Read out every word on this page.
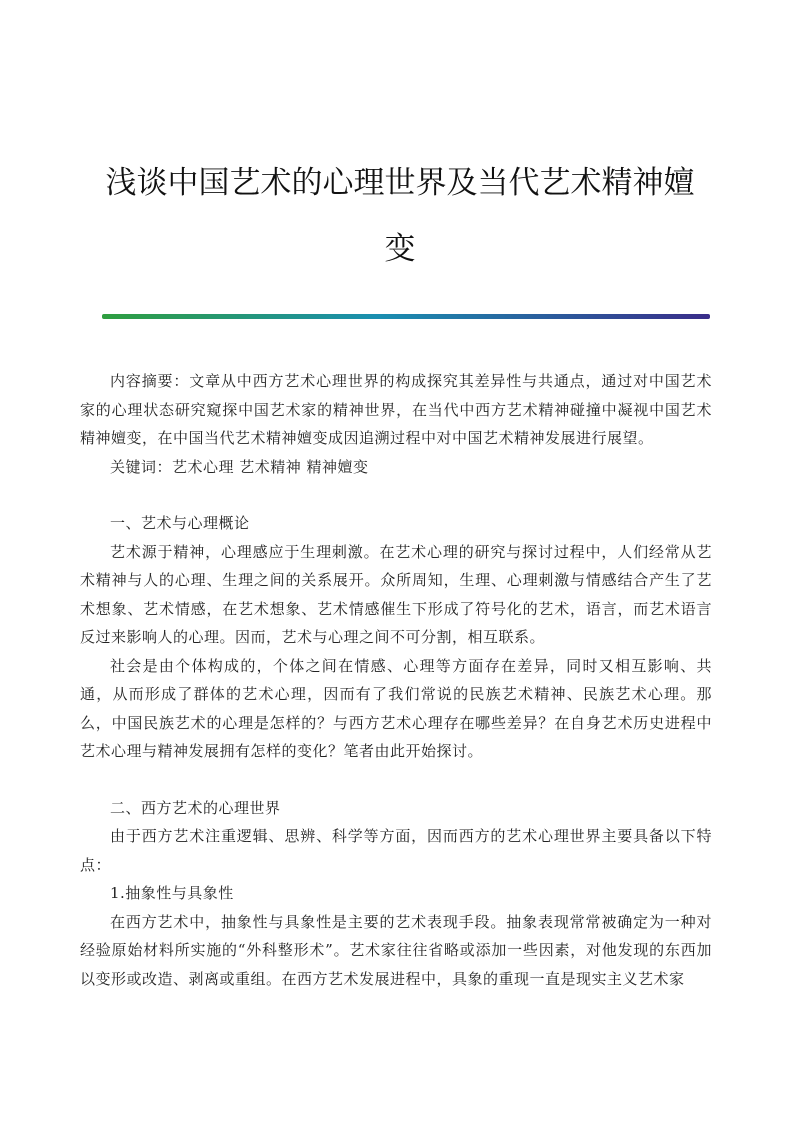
浅谈中国艺术的心理世界及当代艺术精神嬗
变

内容摘要：文章从中西方艺术心理世界的构成探究其差异性与共通点，通过对中国艺术家的心理状态研究窥探中国艺术家的精神世界，在当代中西方艺术精神碰撞中凝视中国艺术精神嬗变，在中国当代艺术精神嬗变成因追溯过程中对中国艺术精神发展进行展望。

关键词：艺术心理 艺术精神 精神嬗变

一、艺术与心理概论

艺术源于精神，心理感应于生理刺激。在艺术心理的研究与探讨过程中，人们经常从艺术精神与人的心理、生理之间的关系展开。众所周知，生理、心理刺激与情感结合产生了艺术想象、艺术情感，在艺术想象、艺术情感催生下形成了符号化的艺术，语言，而艺术语言反过来影响人的心理。因而，艺术与心理之间不可分割，相互联系。

社会是由个体构成的，个体之间在情感、心理等方面存在差异，同时又相互影响、共通，从而形成了群体的艺术心理，因而有了我们常说的民族艺术精神、民族艺术心理。那么，中国民族艺术的心理是怎样的？与西方艺术心理存在哪些差异？在自身艺术历史进程中艺术心理与精神发展拥有怎样的变化？笔者由此开始探讨。

二、西方艺术的心理世界

由于西方艺术注重逻辑、思辨、科学等方面，因而西方的艺术心理世界主要具备以下特点：

1.抽象性与具象性

在西方艺术中，抽象性与具象性是主要的艺术表现手段。抽象表现常常被确定为一种对经验原始材料所实施的“外科整形术”。艺术家往往省略或添加一些因素，对他发现的东西加以变形或改造、剥离或重组。在西方艺术发展进程中，具象的重现一直是现实主义艺术家
